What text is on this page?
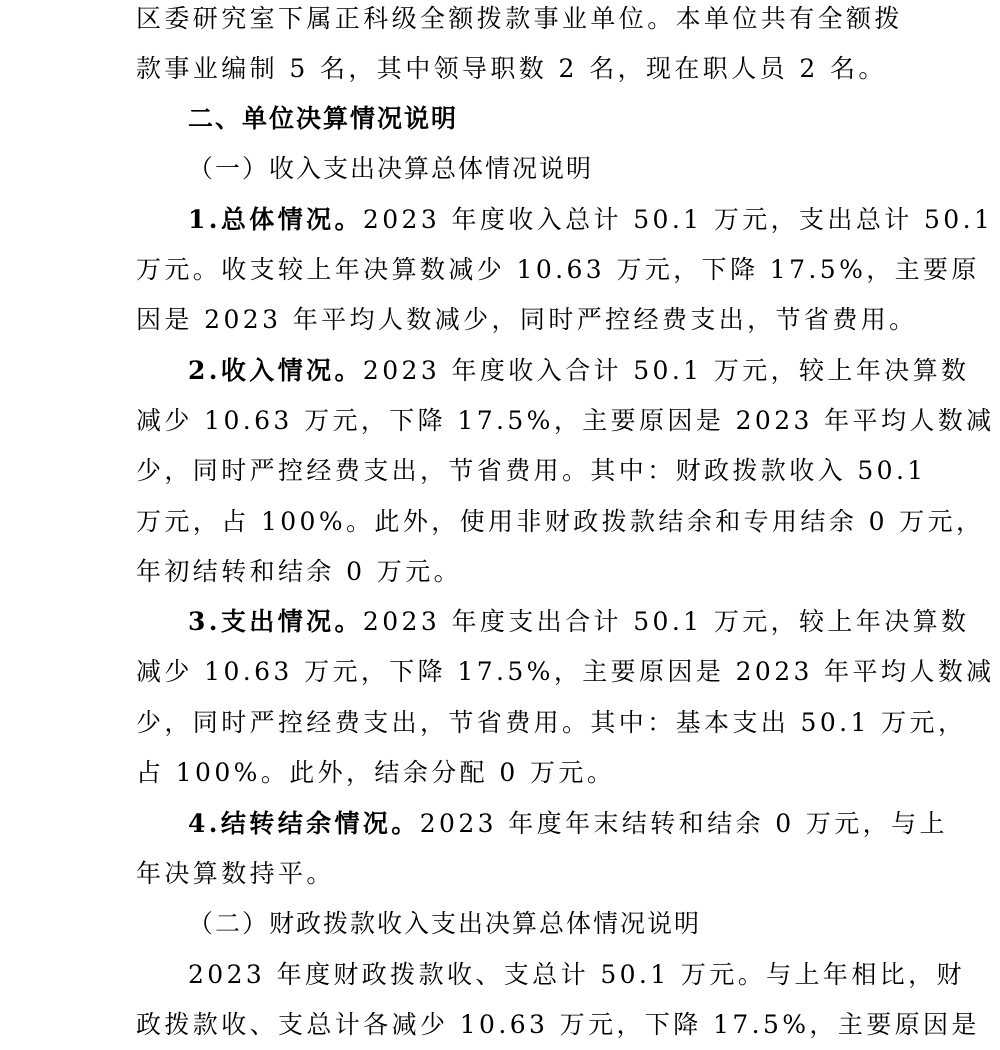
区委研究室下属正科级全额拨款事业单位。本单位共有全额拨
款事业编制 5 名，其中领导职数 2 名，现在职人员 2 名。
二、单位决算情况说明
（一）收入支出决算总体情况说明
1.总体情况。2023 年度收入总计 50.1 万元，支出总计 50.1
万元。收支较上年决算数减少 10.63 万元，下降 17.5%，主要原
因是 2023 年平均人数减少，同时严控经费支出，节省费用。
2.收入情况。2023 年度收入合计 50.1 万元，较上年决算数
减少 10.63 万元，下降 17.5%，主要原因是 2023 年平均人数减
少，同时严控经费支出，节省费用。其中：财政拨款收入 50.1
万元，占 100%。此外，使用非财政拨款结余和专用结余 0 万元，
年初结转和结余 0 万元。
3.支出情况。2023 年度支出合计 50.1 万元，较上年决算数
减少 10.63 万元，下降 17.5%，主要原因是 2023 年平均人数减
少，同时严控经费支出，节省费用。其中：基本支出 50.1 万元，
占 100%。此外，结余分配 0 万元。
4.结转结余情况。2023 年度年末结转和结余 0 万元，与上
年决算数持平。
（二）财政拨款收入支出决算总体情况说明
2023 年度财政拨款收、支总计 50.1 万元。与上年相比，财
政拨款收、支总计各减少 10.63 万元，下降 17.5%，主要原因是
